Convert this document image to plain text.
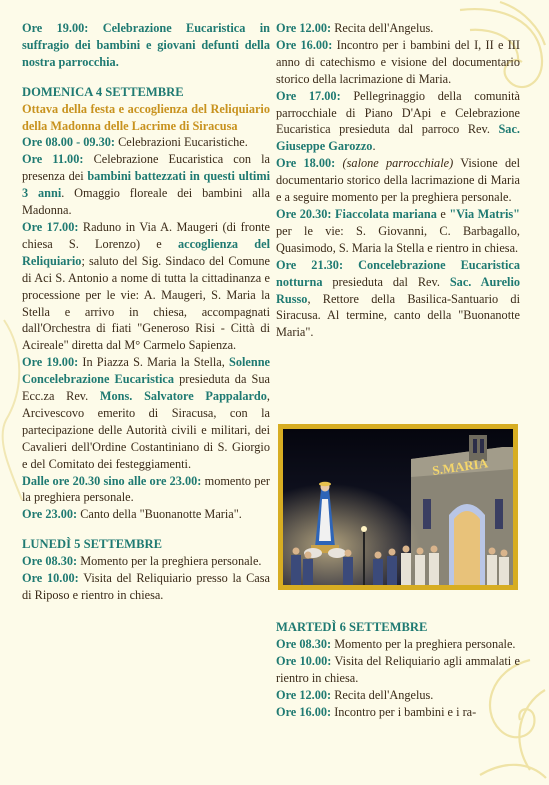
Ore 19.00: Celebrazione Eucaristica in suffragio dei bambini e giovani defunti della nostra parrocchia.

DOMENICA 4 SETTEMBRE

Ottava della festa e accoglienza del Reliquiario della Madonna delle Lacrime di Siracusa

Ore 08.00 - 09.30: Celebrazioni Eucaristiche.

Ore 11.00: Celebrazione Eucaristica con la presenza dei bambini battezzati in questi ultimi 3 anni. Omaggio floreale dei bambini alla Madonna.

Ore 17.00: Raduno in Via A. Maugeri (di fronte chiesa S. Lorenzo) e accoglienza del Reliquiario; saluto del Sig. Sindaco del Comune di Aci S. Antonio a nome di tutta la cittadinanza e processione per le vie: A. Maugeri, S. Maria la Stella e arrivo in chiesa, accompagnati dall'Orchestra di fiati "Generoso Risi - Città di Acireale" diretta dal M° Carmelo Sapienza.

Ore 19.00: In Piazza S. Maria la Stella, Solenne Concelebrazione Eucaristica presieduta da Sua Ecc.za Rev. Mons. Salvatore Pappalardo, Arcivescovo emerito di Siracusa, con la partecipazione delle Autorità civili e militari, dei Cavalieri dell'Ordine Costantiniano di S. Giorgio e del Comitato dei festeggiamenti.

Dalle ore 20.30 sino alle ore 23.00: momento per la preghiera personale.

Ore 23.00: Canto della "Buonanotte Maria".

LUNEDÌ 5 SETTEMBRE

Ore 08.30: Momento per la preghiera personale.

Ore 10.00: Visita del Reliquiario presso la Casa di Riposo e rientro in chiesa.

Ore 12.00: Recita dell'Angelus.

Ore 16.00: Incontro per i bambini del I, II e III anno di catechismo e visione del documentario storico della lacrimazione di Maria.

Ore 17.00: Pellegrinaggio della comunità parrocchiale di Piano D'Api e Celebrazione Eucaristica presieduta dal parroco Rev. Sac. Giuseppe Garozzo.

Ore 18.00: (salone parrocchiale) Visione del documentario storico della lacrimazione di Maria e a seguire momento per la preghiera personale.

Ore 20.30: Fiaccolata mariana e "Via Matris" per le vie: S. Giovanni, C. Barbagallo, Quasimodo, S. Maria la Stella e rientro in chiesa.

Ore 21.30: Concelebrazione Eucaristica notturna presieduta dal Rev. Sac. Aurelio Russo, Rettore della Basilica-Santuario di Siracusa. Al termine, canto della "Buonanotte Maria".

MARTEDÌ 6 SETTEMBRE

Ore 08.30: Momento per la preghiera personale.

Ore 10.00: Visita del Reliquiario agli ammalati e rientro in chiesa.

Ore 12.00: Recita dell'Angelus.

Ore 16.00: Incontro per i bambini e i ra-
